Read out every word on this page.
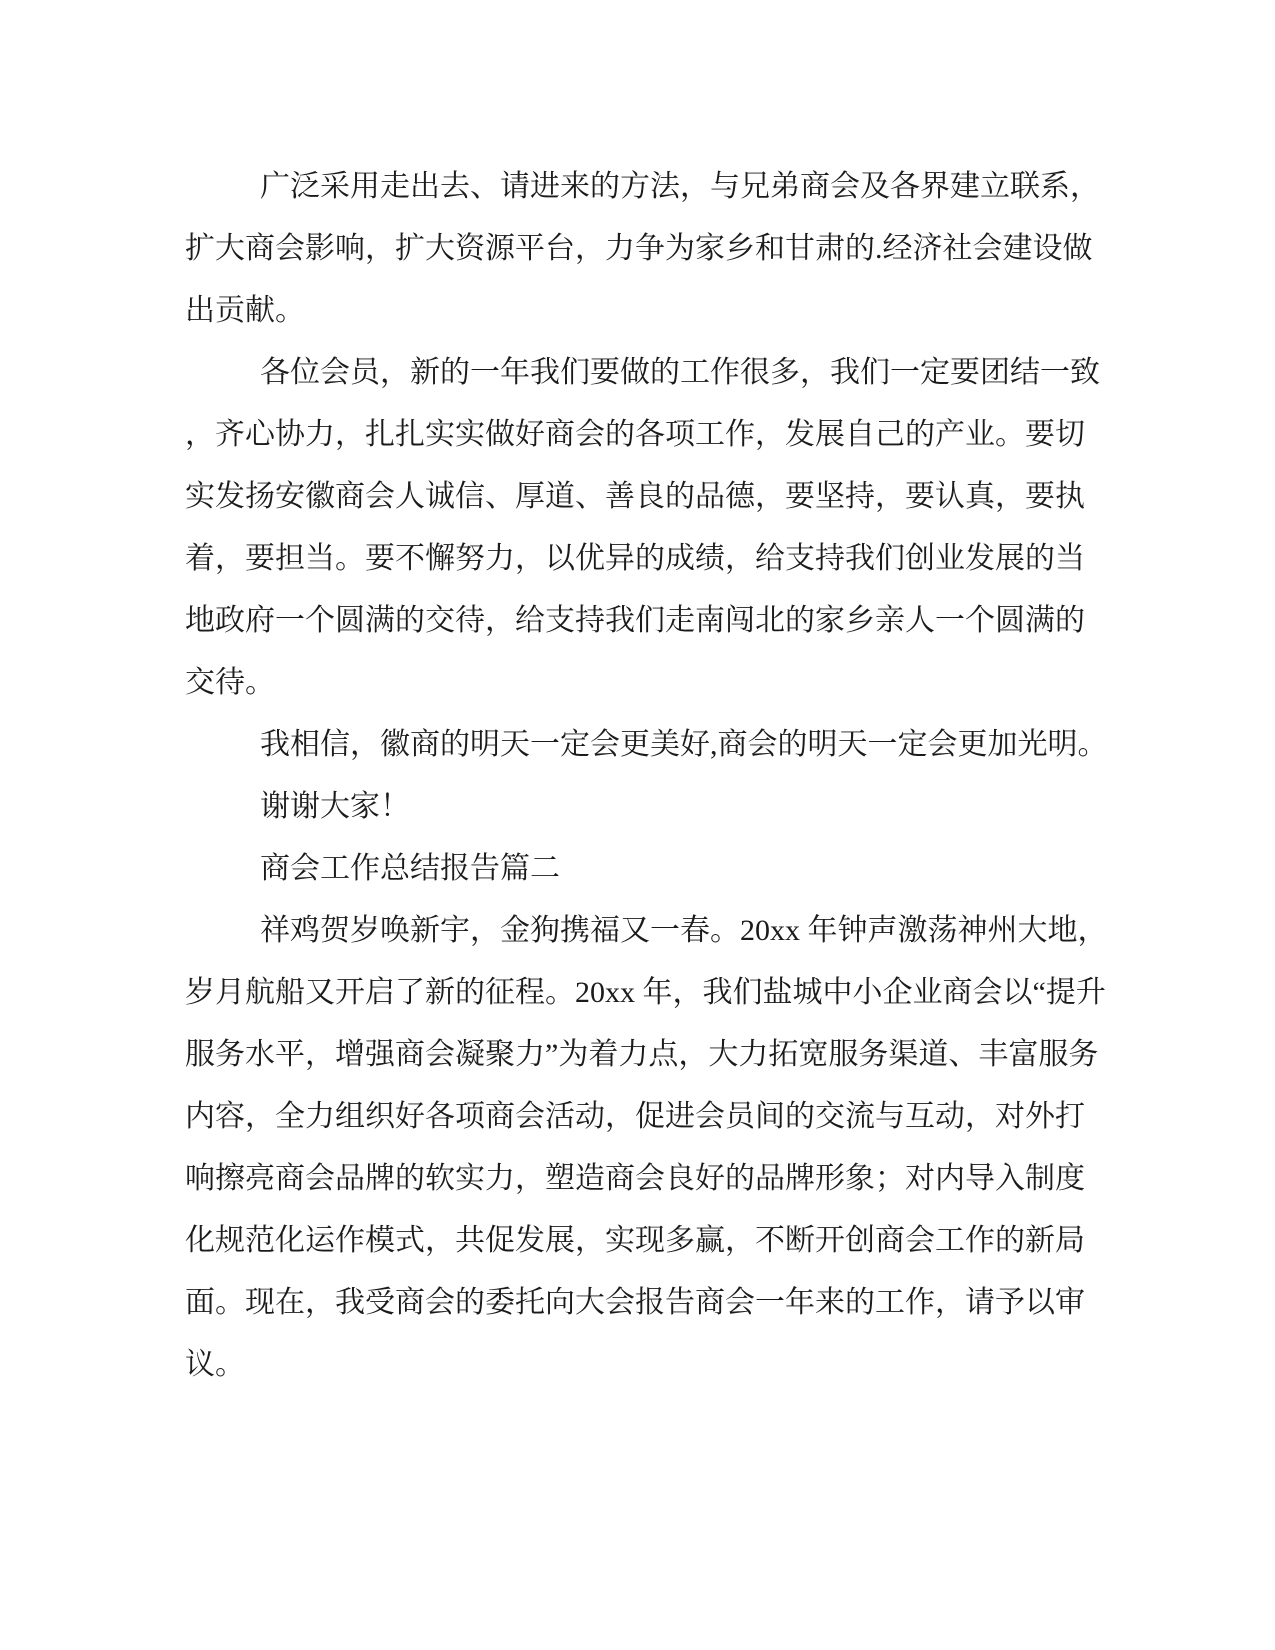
广泛采用走出去、请进来的方法，与兄弟商会及各界建立联系，
扩大商会影响，扩大资源平台，力争为家乡和甘肃的.经济社会建设做
出贡献。
各位会员，新的一年我们要做的工作很多，我们一定要团结一致
，齐心协力，扎扎实实做好商会的各项工作，发展自己的产业。要切
实发扬安徽商会人诚信、厚道、善良的品德，要坚持，要认真，要执
着，要担当。要不懈努力，以优异的成绩，给支持我们创业发展的当
地政府一个圆满的交待，给支持我们走南闯北的家乡亲人一个圆满的
交待。
我相信，徽商的明天一定会更美好,商会的明天一定会更加光明。
谢谢大家！
商会工作总结报告篇二
祥鸡贺岁唤新宇，金狗携福又一春。20xx 年钟声激荡神州大地，
岁月航船又开启了新的征程。20xx 年，我们盐城中小企业商会以“提升
服务水平，增强商会凝聚力”为着力点，大力拓宽服务渠道、丰富服务
内容，全力组织好各项商会活动，促进会员间的交流与互动，对外打
响擦亮商会品牌的软实力，塑造商会良好的品牌形象；对内导入制度
化规范化运作模式，共促发展，实现多赢，不断开创商会工作的新局
面。现在，我受商会的委托向大会报告商会一年来的工作，请予以审
议。
